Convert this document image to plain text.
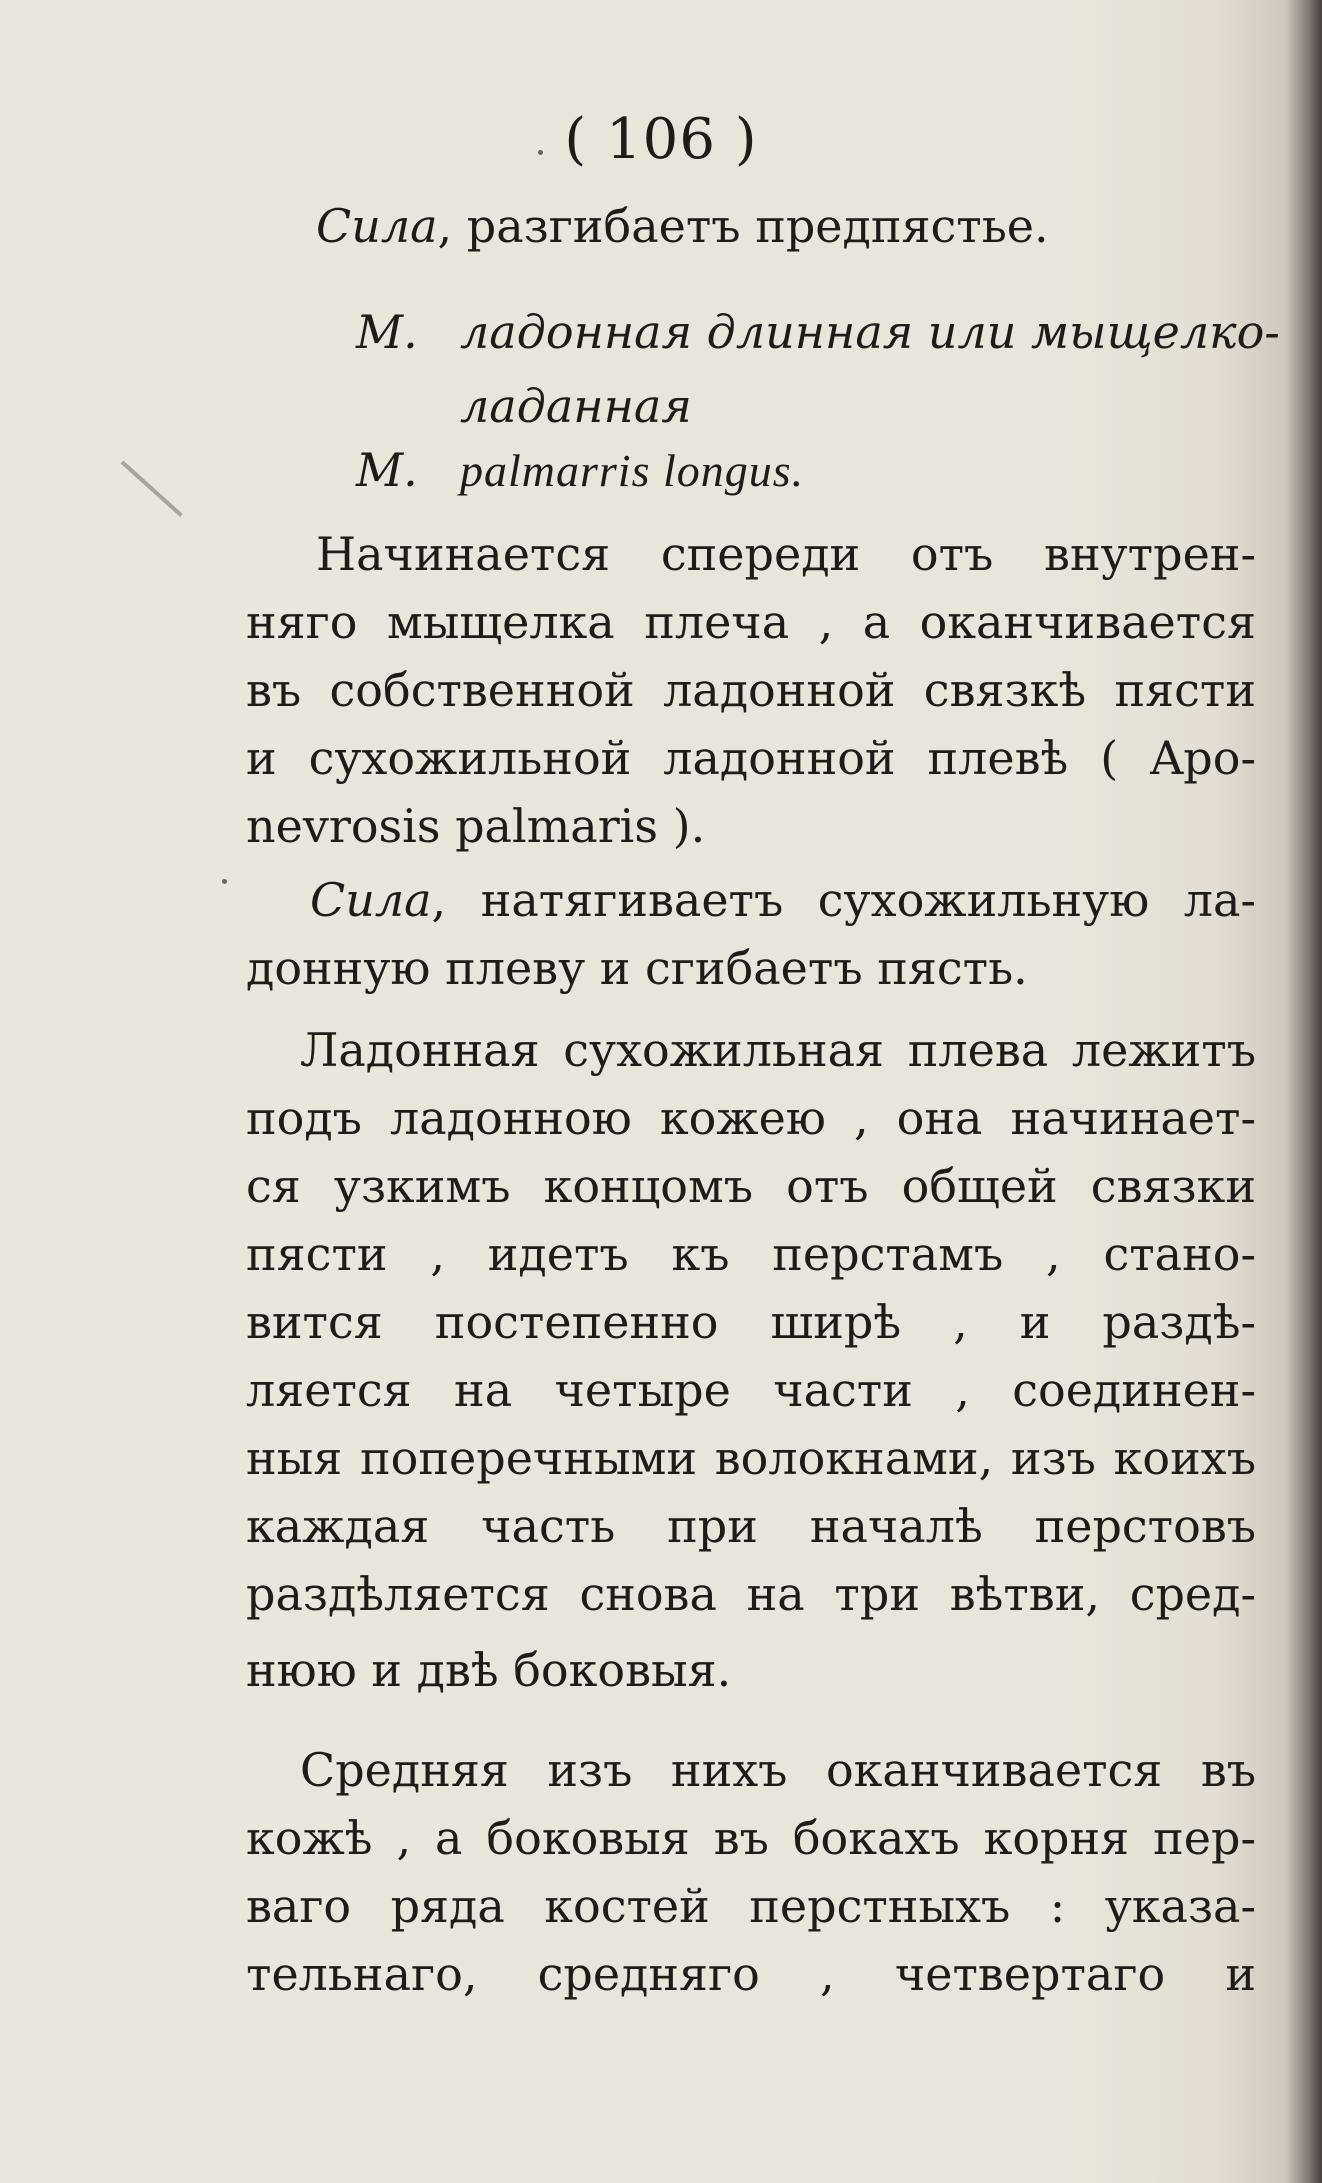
( 106 )
Сила, разгибаетъ предпястье.
M. ладонная длинная или мыщелко-
ладанная
M. palmarris longus.
Начинается спереди отъ внутрен-
няго мыщелка плеча , а оканчивается
въ собственной ладонной связкѣ пясти
и сухожильной ладонной плевѣ ( Apo-
nevrosis palmaris ).
Сила, натягиваетъ сухожильную ла-
донную плеву и сгибаетъ пясть.
Ладонная сухожильная плева лежитъ
подъ ладонною кожею , она начинает-
ся узкимъ концомъ отъ общей связки
пясти , идетъ къ перстамъ , стано-
вится постепенно ширѣ , и раздѣ-
ляется на четыре части , соединен-
ныя поперечными волокнами, изъ коихъ
каждая часть при началѣ перстовъ
раздѣляется снова на три вѣтви, сред-
нюю и двѣ боковыя.
Средняя изъ нихъ оканчивается въ
кожѣ , а боковыя въ бокахъ корня пер-
ваго ряда костей перстныхъ : указа-
тельнаго, средняго , четвертаго и
